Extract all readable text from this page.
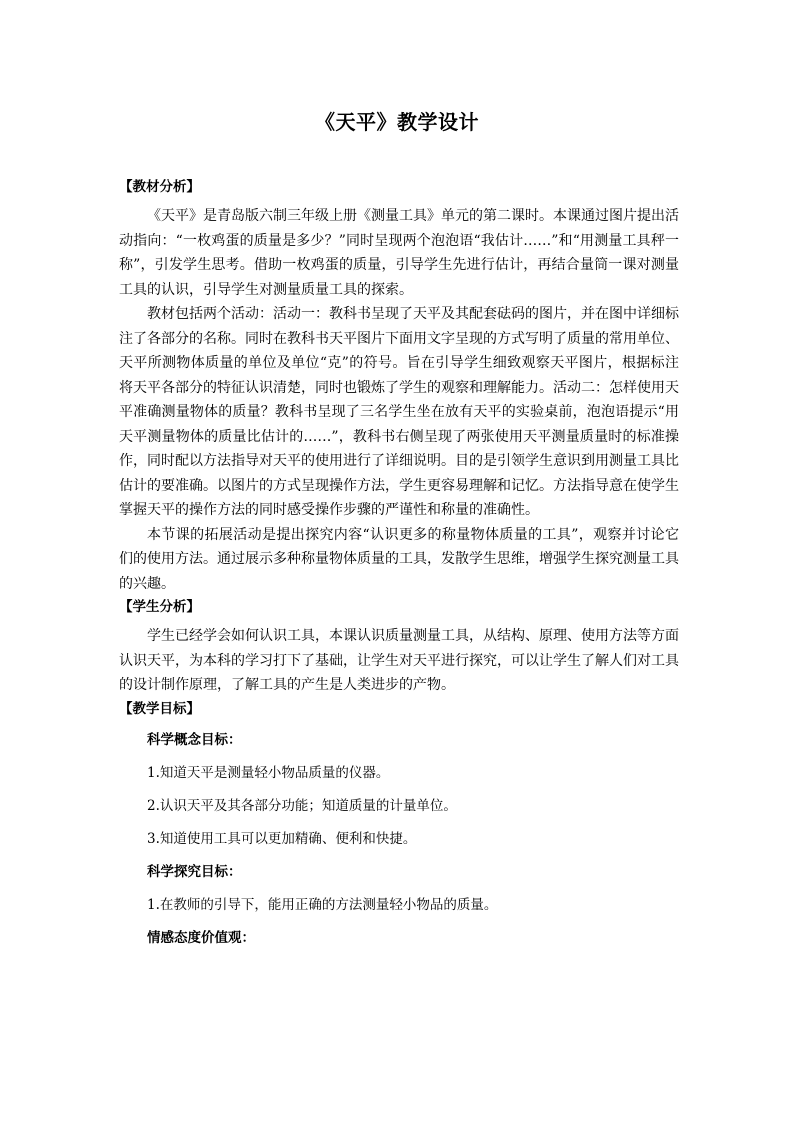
《天平》教学设计
【教材分析】

《天平》是青岛版六制三年级上册《测量工具》单元的第二课时。本课通过图片提出活动指向：“一枚鸡蛋的质量是多少？”同时呈现两个泡泡语“我估计……”和“用测量工具秤一称”，引发学生思考。借助一枚鸡蛋的质量，引导学生先进行估计，再结合量筒一课对测量工具的认识，引导学生对测量质量工具的探索。

教材包括两个活动：活动一：教科书呈现了天平及其配套砝码的图片，并在图中详细标注了各部分的名称。同时在教科书天平图片下面用文字呈现的方式写明了质量的常用单位、天平所测物体质量的单位及单位“克”的符号。旨在引导学生细致观察天平图片，根据标注将天平各部分的特征认识清楚，同时也锻炼了学生的观察和理解能力。活动二：怎样使用天平准确测量物体的质量？教科书呈现了三名学生坐在放有天平的实验桌前，泡泡语提示“用天平测量物体的质量比估计的……”，教科书右侧呈现了两张使用天平测量质量时的标准操作，同时配以方法指导对天平的使用进行了详细说明。目的是引领学生意识到用测量工具比估计的要准确。以图片的方式呈现操作方法，学生更容易理解和记忆。方法指导意在使学生掌握天平的操作方法的同时感受操作步骤的严谨性和称量的准确性。

本节课的拓展活动是提出探究内容“认识更多的称量物体质量的工具”，观察并讨论它们的使用方法。通过展示多种称量物体质量的工具，发散学生思维，增强学生探究测量工具的兴趣。

【学生分析】

学生已经学会如何认识工具，本课认识质量测量工具，从结构、原理、使用方法等方面认识天平，为本科的学习打下了基础，让学生对天平进行探究，可以让学生了解人们对工具的设计制作原理，了解工具的产生是人类进步的产物。

【教学目标】
科学概念目标：
1.知道天平是测量轻小物品质量的仪器。
2.认识天平及其各部分功能；知道质量的计量单位。
3.知道使用工具可以更加精确、便利和快捷。
科学探究目标：
1.在教师的引导下，能用正确的方法测量轻小物品的质量。
情感态度价值观：
